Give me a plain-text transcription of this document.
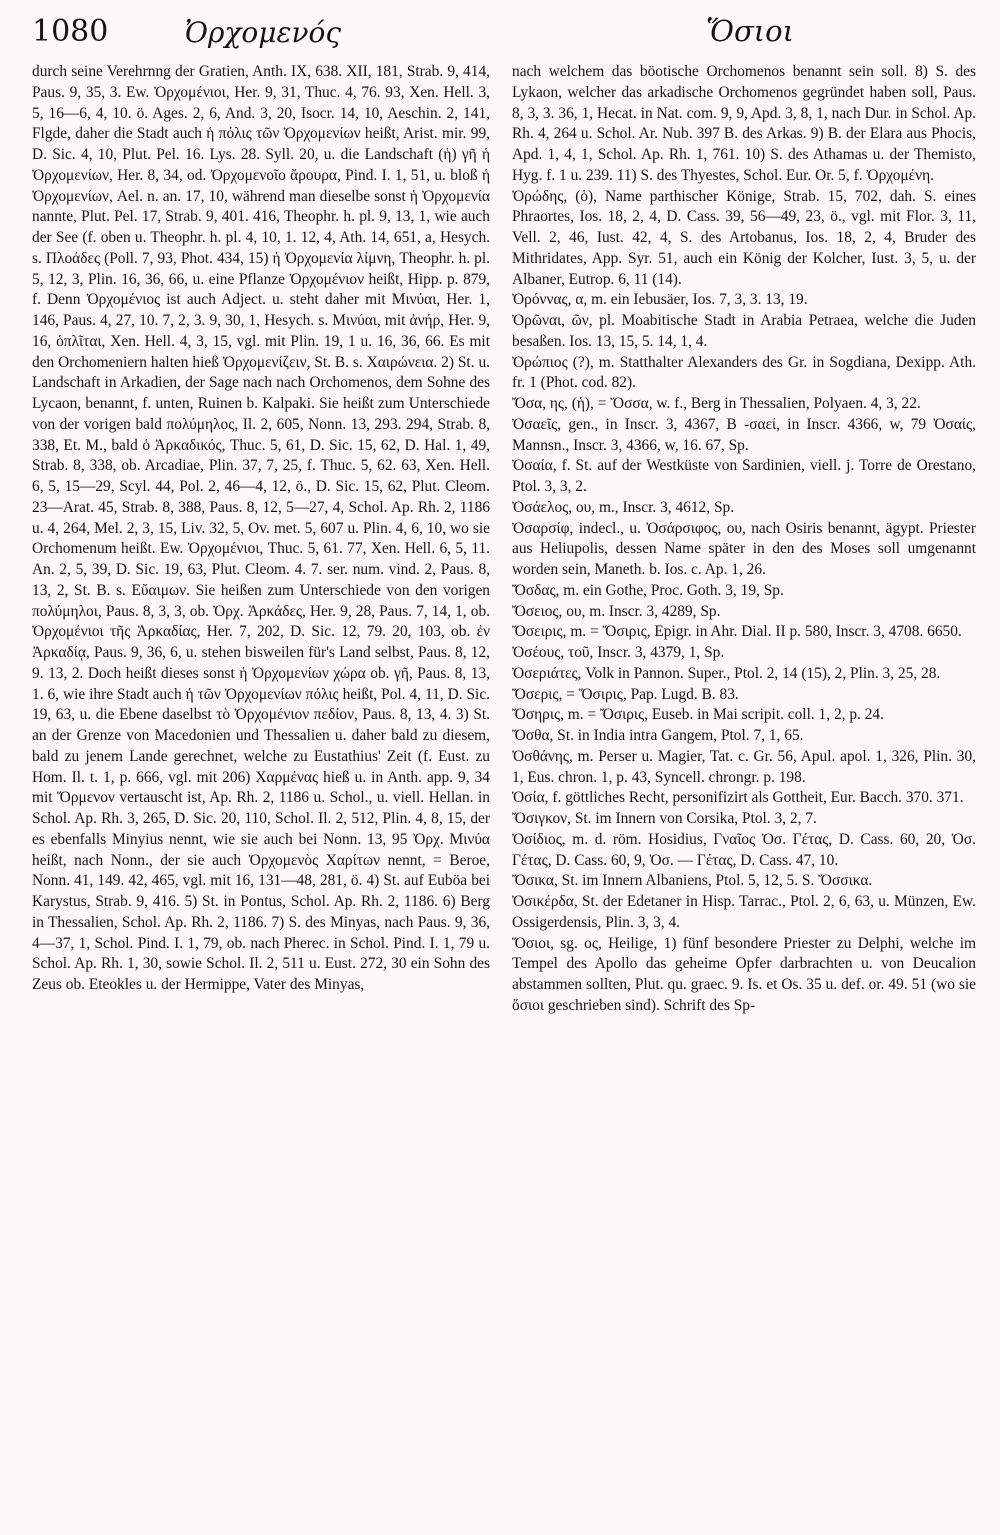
1080	Ὀρχομενός	Ὅσιοι

durch seine Verehrnng der Gratien, Anth. IX, 638. XII, 181, Strab. 9, 414, Paus. 9, 35, 3. Ew. Ὀρχομένιοι, Her. 9, 31, Thuc. 4, 76. 93, Xen. Hell. 3, 5, 16—6, 4, 10. ö. Ages. 2, 6, And. 3, 20, Isocr. 14, 10, Aeschin. 2, 141, Flgde, daher die Stadt auch ἡ πόλις τῶν Ὀρχομενίων heißt, Arist. mir. 99, D. Sic. 4, 10, Plut. Pel. 16. Lys. 28. Syll. 20, u. die Landschaft (ἡ) γῆ ἡ Ὀρχομενίων, Her. 8, 34, od. Ὀρχομενοῖο ἄρουρα, Pind. I. 1, 51, u. bloß ἡ Ὀρχομενίων, Ael. n. an. 17, 10, während man dieselbe sonst ἡ Ὀρχομενία nannte, Plut. Pel. 17, Strab. 9, 401. 416, Theophr. h. pl. 9, 13, 1, wie auch der See (f. oben u. Theophr. h. pl. 4, 10, 1. 12, 4, Ath. 14, 651, a, Hesych. s. Πλοάδες (Poll. 7, 93, Phot. 434, 15) ἡ Ὀρχομενία λίμνη, Theophr. h. pl. 5, 12, 3, Plin. 16, 36, 66, u. eine Pflanze Ὀρχομένιον heißt, Hipp. p. 879, f. Denn Ὀρχομένιος ist auch Adject. u. steht daher mit Μινύαι, Her. 1, 146, Paus. 4, 27, 10. 7, 2, 3. 9, 30, 1, Hesych. s. Μινύαι, mit ἀνήρ, Her. 9, 16, ὁπλῖται, Xen. Hell. 4, 3, 15, vgl. mit Plin. 19, 1 u. 16, 36, 66. Es mit den Orchomeniern halten hieß Ὀρχομενίζειν, St. B. s. Χαιρώνεια. 2) St. u. Landschaft in Arkadien, der Sage nach nach Orchomenos, dem Sohne des Lycaon, benannt, f. unten, Ruinen b. Kalpaki. Sie heißt zum Unterschiede von der vorigen bald πολύμηλος, Il. 2, 605, Nonn. 13, 293. 294, Strab. 8, 338, Et. M., bald ὁ Ἀρκαδικός, Thuc. 5, 61, D. Sic. 15, 62, D. Hal. 1, 49, Strab. 8, 338, ob. Arcadiae, Plin. 37, 7, 25, f. Thuc. 5, 62. 63, Xen. Hell. 6, 5, 15—29, Scyl. 44, Pol. 2, 46—4, 12, ö., D. Sic. 15, 62, Plut. Cleom. 23—Arat. 45, Strab. 8, 388, Paus. 8, 12, 5—27, 4, Schol. Ap. Rh. 2, 1186 u. 4, 264, Mel. 2, 3, 15, Liv. 32, 5, Ov. met. 5, 607 u. Plin. 4, 6, 10, wo sie Orchomenum heißt. Ew. Ὀρχομένιοι, Thuc. 5, 61. 77, Xen. Hell. 6, 5, 11. An. 2, 5, 39, D. Sic. 19, 63, Plut. Cleom. 4. 7. ser. num. vind. 2, Paus. 8, 13, 2, St. B. s. Εὔαιμων. Sie heißen zum Unterschiede von den vorigen πολύμηλοι, Paus. 8, 3, 3, ob. Ὀρχ. Ἀρκάδες, Her. 9, 28, Paus. 7, 14, 1, ob. Ὀρχομένιοι τῆς Ἀρκαδίας, Her. 7, 202, D. Sic. 12, 79. 20, 103, ob. ἐν Ἀρκαδίᾳ, Paus. 9, 36, 6, u. stehen bisweilen für's Land selbst, Paus. 8, 12, 9. 13, 2. Doch heißt dieses sonst ἡ Ὀρχομενίων χώρα ob. γῆ, Paus. 8, 13, 1. 6, wie ihre Stadt auch ἡ τῶν Ὀρχομενίων πόλις heißt, Pol. 4, 11, D. Sic. 19, 63, u. die Ebene daselbst τὸ Ὀρχομένιον πεδίον, Paus. 8, 13, 4. 3) St. an der Grenze von Macedonien und Thessalien u. daher bald zu diesem, bald zu jenem Lande gerechnet, welche zu Eustathius' Zeit (f. Eust. zu Hom. Il. t. 1, p. 666, vgl. mit 206) Χαρμένας hieß u. in Anth. app. 9, 34 mit Ὅρμενον vertauscht ist, Ap. Rh. 2, 1186 u. Schol., u. viell. Hellan. in Schol. Ap. Rh. 3, 265, D. Sic. 20, 110, Schol. Il. 2, 512, Plin. 4, 8, 15, der es ebenfalls Minyius nennt, wie sie auch bei Nonn. 13, 95 Ὀρχ. Μινύα heißt, nach Nonn., der sie auch Ὀρχομενὸς Χαρίτων nennt, = Beroe, Nonn. 41, 149. 42, 465, vgl. mit 16, 131—48, 281, ö. 4) St. auf Euböa bei Karystus, Strab. 9, 416. 5) St. in Pontus, Schol. Ap. Rh. 2, 1186. 6) Berg in Thessalien, Schol. Ap. Rh. 2, 1186. 7) S. des Minyas, nach Paus. 9, 36, 4—37, 1, Schol. Pind. I. 1, 79, ob. nach Pherec. in Schol. Pind. I. 1, 79 u. Schol. Ap. Rh. 1, 30, sowie Schol. Il. 2, 511 u. Eust. 272, 30 ein Sohn des Zeus ob. Eteokles u. der Hermippe, Vater des Minyas,

nach welchem das böotische Orchomenos benannt sein soll. 8) S. des Lykaon, welcher das arkadische Orchomenos gegründet haben soll, Paus. 8, 3, 3. 36, 1, Hecat. in Nat. com. 9, 9, Apd. 3, 8, 1, nach Dur. in Schol. Ap. Rh. 4, 264 u. Schol. Ar. Nub. 397 B. des Arkas. 9) B. der Elara aus Phocis, Apd. 1, 4, 1, Schol. Ap. Rh. 1, 761. 10) S. des Athamas u. der Themisto, Hyg. f. 1 u. 239. 11) S. des Thyestes, Schol. Eur. Or. 5, f. Ὀρχομένη.

Ὀρώδης, (ὁ), Name parthischer Könige, Strab. 15, 702, dah. S. eines Phraortes, Ios. 18, 2, 4, D. Cass. 39, 56—49, 23, ö., vgl. mit Flor. 3, 11, Vell. 2, 46, Iust. 42, 4, S. des Artobanus, Ios. 18, 2, 4, Bruder des Mithridates, App. Syr. 51, auch ein König der Kolcher, Iust. 3, 5, u. der Albaner, Eutrop. 6, 11 (14).

Ὀρόννας, α, m. ein Iebusäer, Ios. 7, 3, 3. 13, 19.

Ὀρῶναι, ῶν, pl. Moabitische Stadt in Arabia Petraea, welche die Juden besaßen. Ios. 13, 15, 5. 14, 1, 4.

Ὀρώπιος (?), m. Statthalter Alexanders des Gr. in Sogdiana, Dexipp. Ath. fr. 1 (Phot. cod. 82).

Ὄσα, ης, (ἡ), = Ὄσσα, w. f., Berg in Thessalien, Polyaen. 4, 3, 22.

Ὀσαεῖς, gen., in Inscr. 3, 4367, B -σαεί, in Inscr. 4366, w, 79 Ὀσαίς, Mannsn., Inscr. 3, 4366, w, 16. 67, Sp.

Ὀσαία, f. St. auf der Westküste von Sardinien, viell. j. Torre de Orestano, Ptol. 3, 3, 2.

Ὀσάελος, ου, m., Inscr. 3, 4612, Sp.

Ὀσαρσίφ, indecl., u. Ὀσάρσιφος, ου, nach Osiris benannt, ägypt. Priester aus Heliupolis, dessen Name später in den des Moses soll umgenannt worden sein, Maneth. b. Ios. c. Ap. 1, 26.

Ὄσδας, m. ein Gothe, Proc. Goth. 3, 19, Sp.

Ὄσειος, ου, m. Inscr. 3, 4289, Sp.

Ὄσειρις, m. = Ὄσιρις, Epigr. in Ahr. Dial. II p. 580, Inscr. 3, 4708. 6650.

Ὀσέους, τοῦ, Inscr. 3, 4379, 1, Sp.

Ὀσεριάτες, Volk in Pannon. Super., Ptol. 2, 14 (15), 2, Plin. 3, 25, 28.

Ὄσερις, = Ὄσιρις, Pap. Lugd. B. 83.

Ὄσηρις, m. = Ὄσιρις, Euseb. in Mai scripit. coll. 1, 2, p. 24.

Ὄσθα, St. in India intra Gangem, Ptol. 7, 1, 65.

Ὀσθάνης, m. Perser u. Magier, Tat. c. Gr. 56, Apul. apol. 1, 326, Plin. 30, 1, Eus. chron. 1, p. 43, Syncell. chrongr. p. 198.

Ὁσία, f. göttliches Recht, personifizirt als Gottheit, Eur. Bacch. 370. 371.

Ὄσιγκον, St. im Innern von Corsika, Ptol. 3, 2, 7.

Ὀσίδιος, m. d. röm. Hosidius, Γναῖος Ὀσ. Γέτας, D. Cass. 60, 20, Ὀσ. Γέτας, D. Cass. 60, 9, Ὀσ. — Γέτας, D. Cass. 47, 10.

Ὄσικα, St. im Innern Albaniens, Ptol. 5, 12, 5. S. Ὄσσικα.

Ὀσικέρδα, St. der Edetaner in Hisp. Tarrac., Ptol. 2, 6, 63, u. Münzen, Ew. Ossigerdensis, Plin. 3, 3, 4.

Ὅσιοι, sg. ος, Heilige, 1) fünf besondere Priester zu Delphi, welche im Tempel des Apollo das geheime Opfer darbrachten u. von Deucalion abstammen sollten, Plut. qu. graec. 9. Is. et Os. 35 u. def. or. 49. 51 (wo sie ὅσιοι geschrieben sind). Schrift des Sp-
